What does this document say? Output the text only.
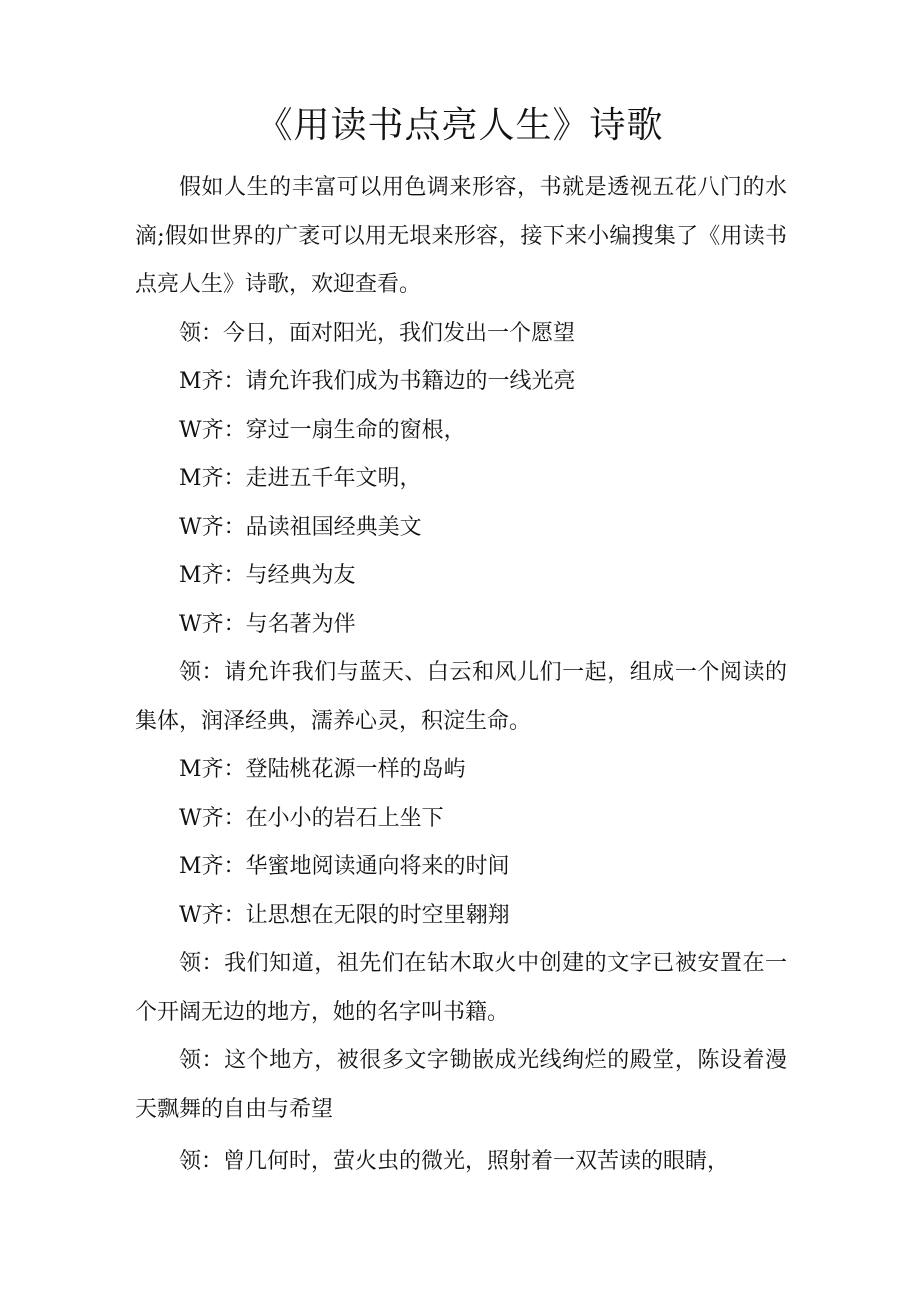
《用读书点亮人生》诗歌

假如人生的丰富可以用色调来形容，书就是透视五花八门的水滴;假如世界的广袤可以用无垠来形容，接下来小编搜集了《用读书点亮人生》诗歌，欢迎查看。

领：今日，面对阳光，我们发出一个愿望

M齐：请允许我们成为书籍边的一线光亮

W齐：穿过一扇生命的窗根，

M齐：走进五千年文明，

W齐：品读祖国经典美文

M齐：与经典为友

W齐：与名著为伴

领：请允许我们与蓝天、白云和风儿们一起，组成一个阅读的集体，润泽经典，濡养心灵，积淀生命。

M齐：登陆桃花源一样的岛屿

W齐：在小小的岩石上坐下

M齐：华蜜地阅读通向将来的时间

W齐：让思想在无限的时空里翱翔

领：我们知道，祖先们在钻木取火中创建的文字已被安置在一个开阔无边的地方，她的名字叫书籍。

领：这个地方，被很多文字锄嵌成光线绚烂的殿堂，陈设着漫天飘舞的自由与希望

领：曾几何时，萤火虫的微光，照射着一双苦读的眼睛，
